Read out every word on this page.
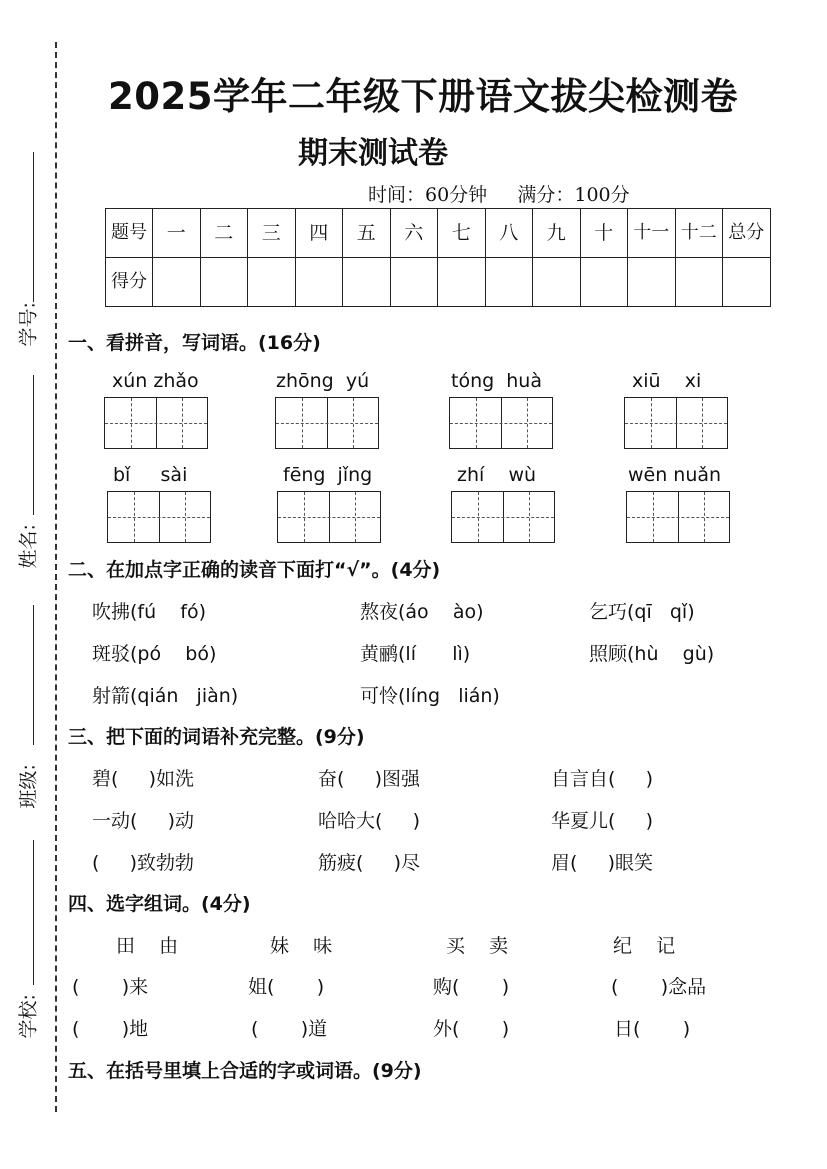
学号:
姓名:
班级:
学校:
2025学年二年级下册语文拔尖检测卷
期末测试卷
时间：60分钟     满分：100分
题号	一	二	三	四	五	六	七	八	九	十	十一	十二	总分
得分													
一、看拼音，写词语。(16分)
xún zhǎo	zhōng  yú	tóng  huà	xiū    xi
bǐ     sài	fēng  jǐng	zhí    wù	wēn nuǎn
二、在加点字正确的读音下面打“√”。(4分)
吹拂(fú    fó)	熬夜(áo    ào)	乞巧(qī   qǐ)
斑驳(pó    bó)	黄鹂(lí      lì)	照顾(hù    gù)
射箭(qián   jiàn)	可怜(líng   lián)
三、把下面的词语补充完整。(9分)
碧(     )如洗	奋(     )图强	自言自(     )
一动(     )动	哈哈大(     )	华夏儿(     )
(     )致勃勃	筋疲(     )尽	眉(     )眼笑
四、选字组词。(4分)
田    由	妹    味	买    卖	纪    记
(       )来	姐(       )	购(       )	(       )念品
(       )地	(       )道	外(       )	日(       )
五、在括号里填上合适的字或词语。(9分)
